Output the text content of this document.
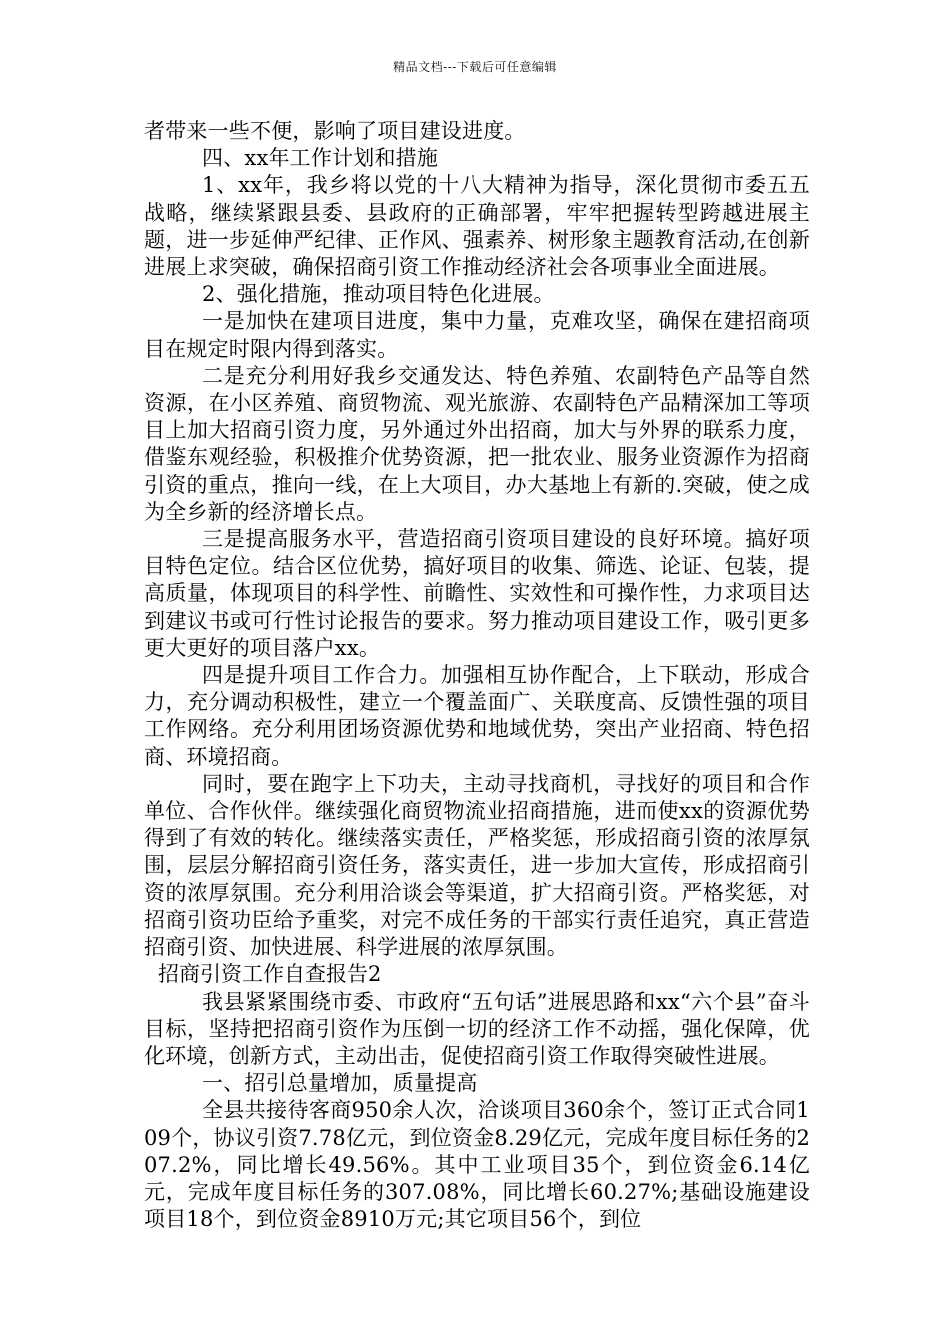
精品文档---下载后可任意编辑

者带来一些不便，影响了项目建设进度。

四、xx年工作计划和措施

1、xx年，我乡将以党的十八大精神为指导，深化贯彻市委五五战略，继续紧跟县委、县政府的正确部署，牢牢把握转型跨越进展主题，进一步延伸严纪律、正作风、强素养、树形象主题教育活动,在创新进展上求突破，确保招商引资工作推动经济社会各项事业全面进展。

2、强化措施，推动项目特色化进展。

一是加快在建项目进度，集中力量，克难攻坚，确保在建招商项目在规定时限内得到落实。

二是充分利用好我乡交通发达、特色养殖、农副特色产品等自然资源，在小区养殖、商贸物流、观光旅游、农副特色产品精深加工等项目上加大招商引资力度，另外通过外出招商，加大与外界的联系力度，借鉴东观经验，积极推介优势资源，把一批农业、服务业资源作为招商引资的重点，推向一线，在上大项目，办大基地上有新的.突破，使之成为全乡新的经济增长点。

三是提高服务水平，营造招商引资项目建设的良好环境。搞好项目特色定位。结合区位优势，搞好项目的收集、筛选、论证、包装，提高质量，体现项目的科学性、前瞻性、实效性和可操作性，力求项目达到建议书或可行性讨论报告的要求。努力推动项目建设工作，吸引更多更大更好的项目落户xx。

四是提升项目工作合力。加强相互协作配合，上下联动，形成合力，充分调动积极性，建立一个覆盖面广、关联度高、反馈性强的项目工作网络。充分利用团场资源优势和地域优势，突出产业招商、特色招商、环境招商。

同时，要在跑字上下功夫，主动寻找商机，寻找好的项目和合作单位、合作伙伴。继续强化商贸物流业招商措施，进而使xx的资源优势得到了有效的转化。继续落实责任，严格奖惩，形成招商引资的浓厚氛围，层层分解招商引资任务，落实责任，进一步加大宣传，形成招商引资的浓厚氛围。充分利用洽谈会等渠道，扩大招商引资。严格奖惩，对招商引资功臣给予重奖，对完不成任务的干部实行责任追究，真正营造招商引资、加快进展、科学进展的浓厚氛围。

招商引资工作自查报告2

我县紧紧围绕市委、市政府“五句话”进展思路和xx“六个县”奋斗目标，坚持把招商引资作为压倒一切的经济工作不动摇，强化保障，优化环境，创新方式，主动出击，促使招商引资工作取得突破性进展。

一、招引总量增加，质量提高

全县共接待客商950余人次，洽谈项目360余个，签订正式合同109个，协议引资7.78亿元，到位资金8.29亿元，完成年度目标任务的207.2%，同比增长49.56%。其中工业项目35个，到位资金6.14亿元，完成年度目标任务的307.08%，同比增长60.27%;基础设施建设项目18个，到位资金8910万元;其它项目56个，到位
